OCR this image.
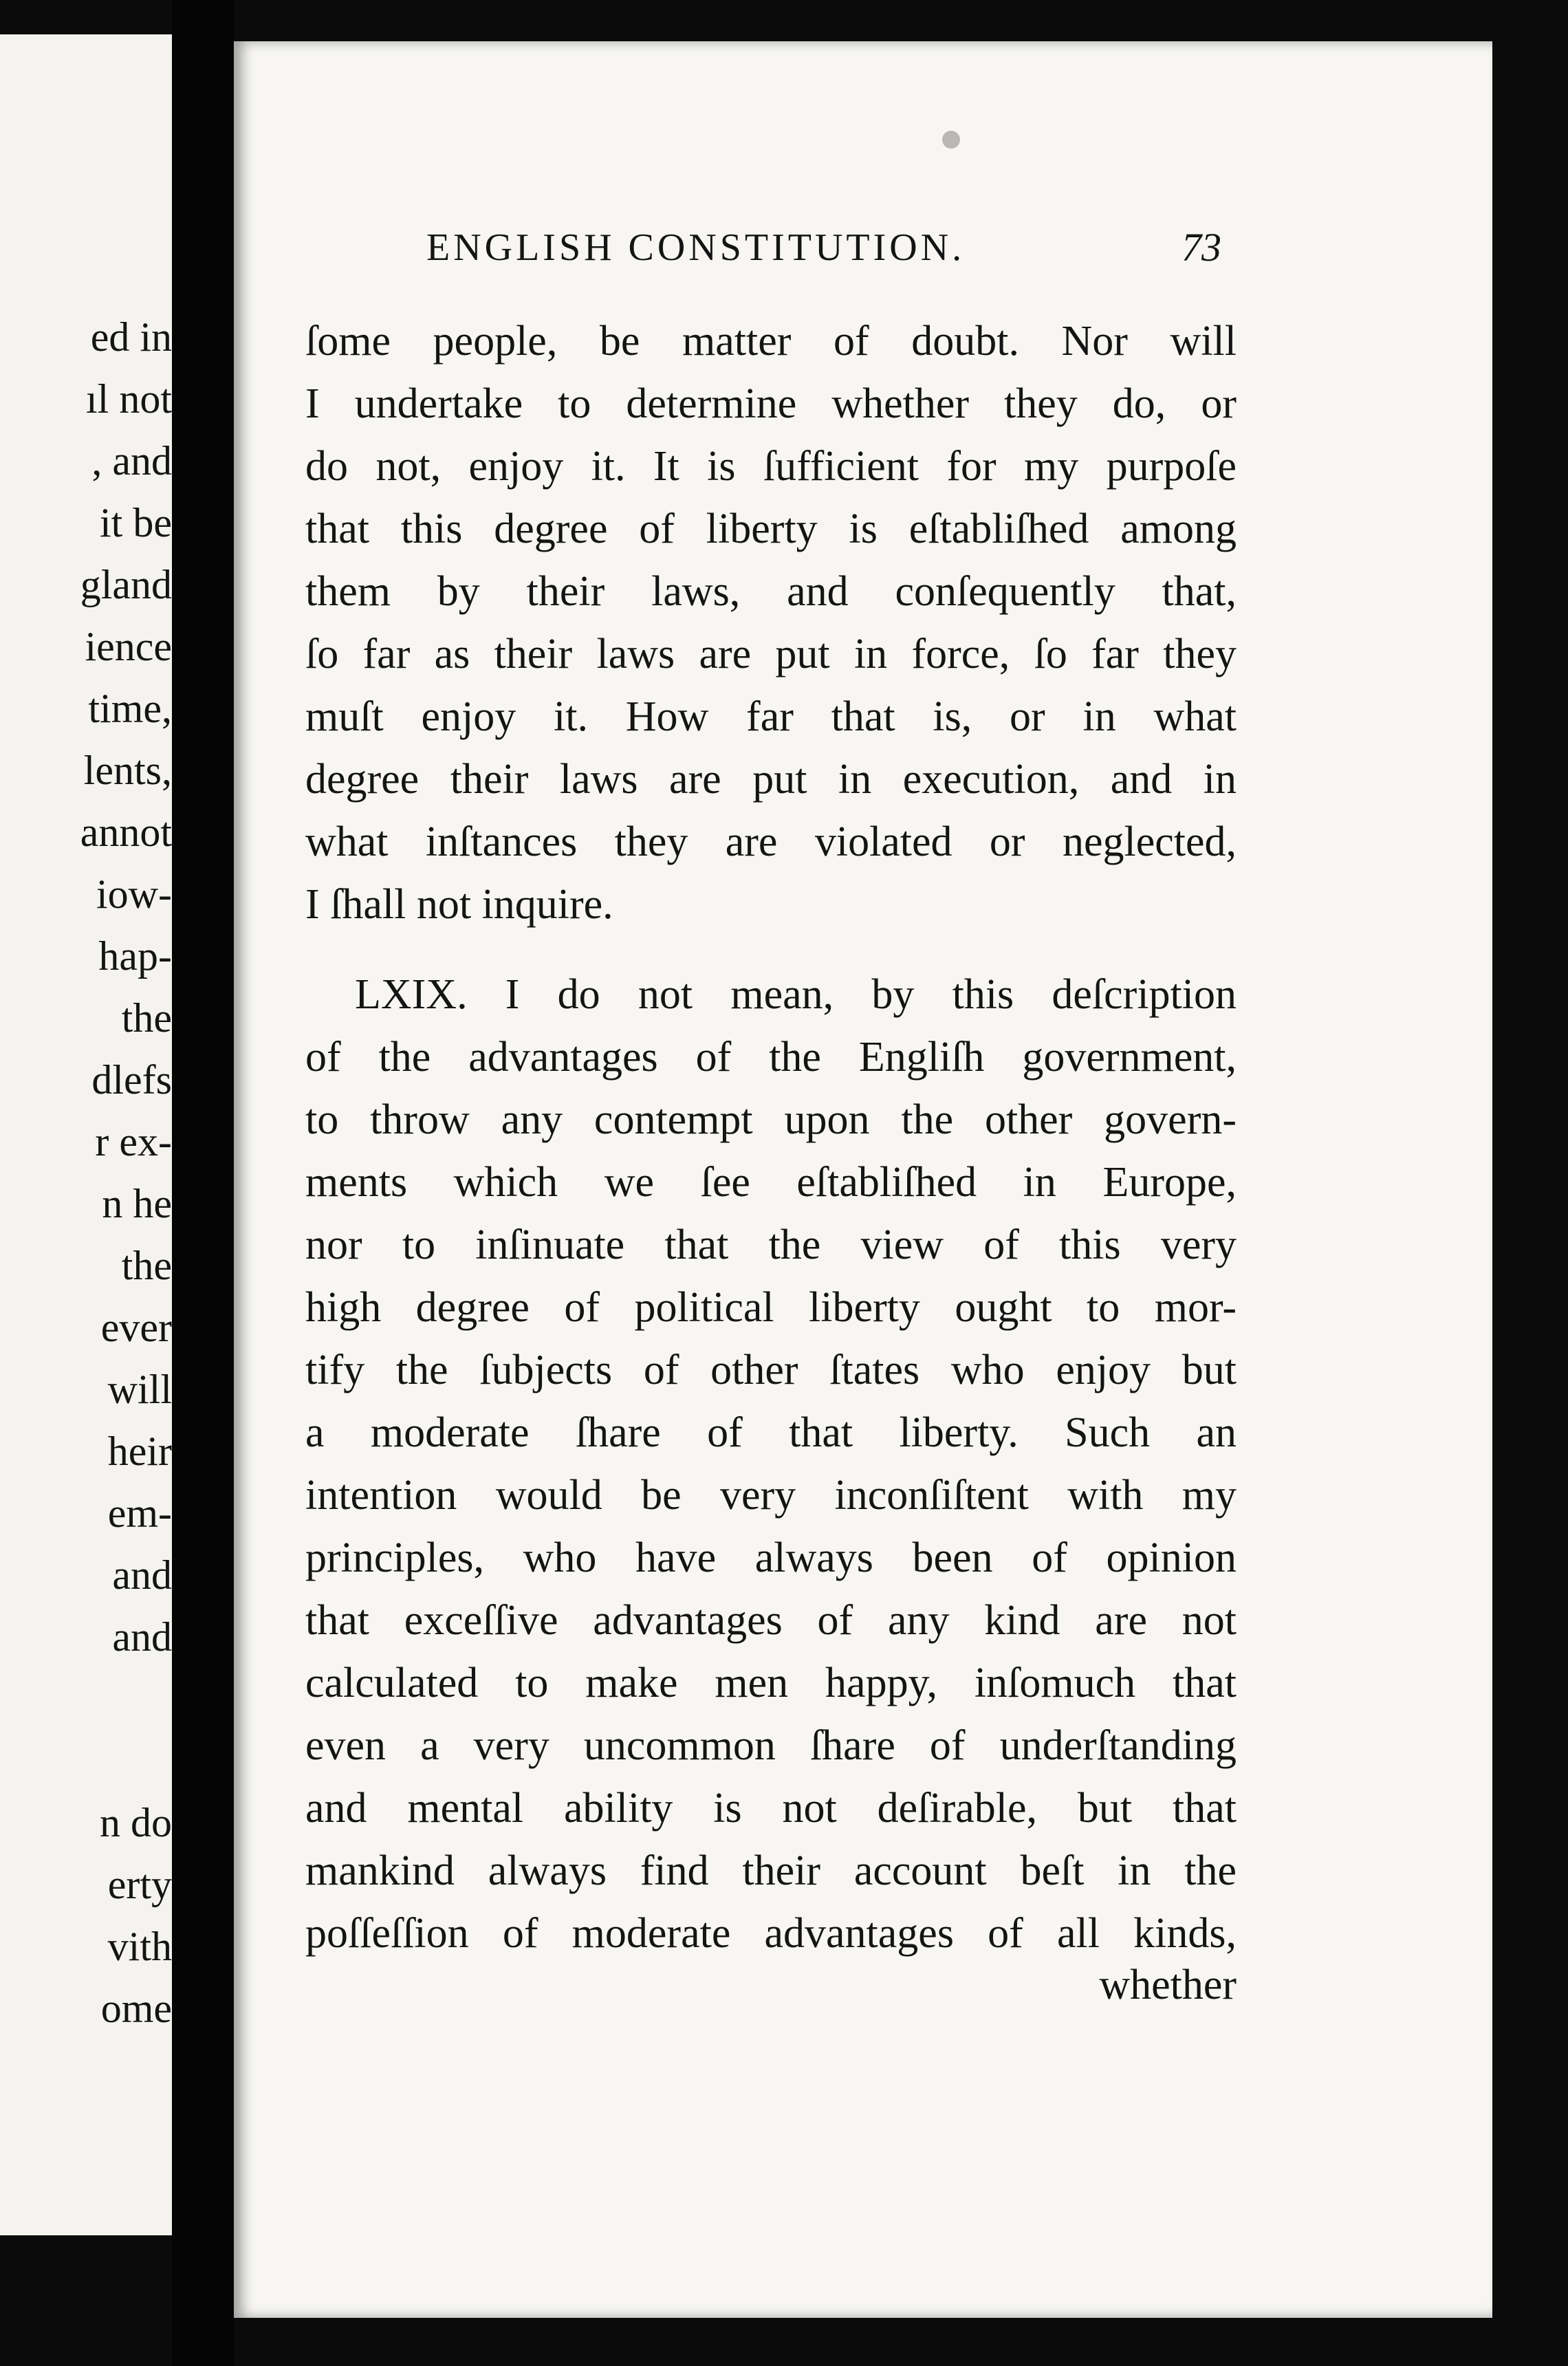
ed in
ıl not
, and
it be
gland
ience
time,
lents,
annot
iow-
hap-
the
dlefs
r ex-
n he
the
ever
will
heir
em-
and
and
n do
erty
vith
ome
ENGLISH CONSTITUTION.	73
ſome people, be matter of doubt. Nor will
I undertake to determine whether they do, or
do not, enjoy it. It is ſufficient for my purpoſe
that this degree of liberty is eſtabliſhed among
them by their laws, and conſequently that,
ſo far as their laws are put in force, ſo far they
muſt enjoy it. How far that is, or in what
degree their laws are put in execution, and in
what inſtances they are violated or neglected,
I ſhall not inquire.
LXIX. I do not mean, by this deſcription
of the advantages of the Engliſh government,
to throw any contempt upon the other govern-
ments which we ſee eſtabliſhed in Europe,
nor to inſinuate that the view of this very
high degree of political liberty ought to mor-
tify the ſubjects of other ſtates who enjoy but
a moderate ſhare of that liberty. Such an
intention would be very inconſiſtent with my
principles, who have always been of opinion
that exceſſive advantages of any kind are not
calculated to make men happy, inſomuch that
even a very uncommon ſhare of underſtanding
and mental ability is not deſirable, but that
mankind always find their account beſt in the
poſſeſſion of moderate advantages of all kinds,
whether
